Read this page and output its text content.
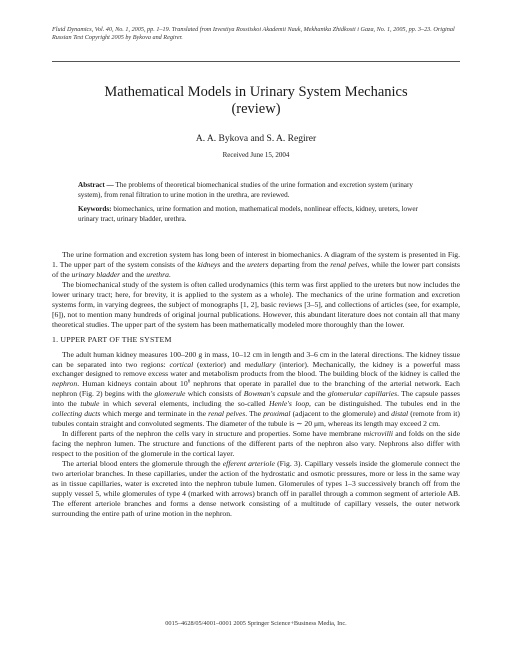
Fluid Dynamics, Vol. 40, No. 1, 2005, pp. 1–19. Translated from Izvestiya Rossiiskoi Akademii Nauk, Mekhanika Zhidkosti i Gaza, No. 1, 2005, pp. 3–23. Original Russian Text Copyright 2005 by Bykova and Regirer.
Mathematical Models in Urinary System Mechanics
(review)
A. A. Bykova and S. A. Regirer
Received June 15, 2004

Abstract — The problems of theoretical biomechanical studies of the urine formation and excretion system (urinary system), from renal filtration to urine motion in the urethra, are reviewed.

Keywords: biomechanics, urine formation and motion, mathematical models, nonlinear effects, kidney, ureters, lower urinary tract, urinary bladder, urethra.

The urine formation and excretion system has long been of interest in biomechanics. A diagram of the system is presented in Fig. 1. The upper part of the system consists of the kidneys and the ureters departing from the renal pelves, while the lower part consists of the urinary bladder and the urethra.

The biomechanical study of the system is often called urodynamics (this term was first applied to the ureters but now includes the lower urinary tract; here, for brevity, it is applied to the system as a whole). The mechanics of the urine formation and excretion systems form, in varying degrees, the subject of monographs [1, 2], basic reviews [3–5], and collections of articles (see, for example, [6]), not to mention many hundreds of original journal publications. However, this abundant literature does not contain all that many theoretical studies. The upper part of the system has been mathematically modeled more thoroughly than the lower.

1. UPPER PART OF THE SYSTEM

The adult human kidney measures 100–200 g in mass, 10–12 cm in length and 3–6 cm in the lateral directions. The kidney tissue can be separated into two regions: cortical (exterior) and medullary (interior). Mechanically, the kidney is a powerful mass exchanger designed to remove excess water and metabolism products from the blood. The building block of the kidney is called the nephron. Human kidneys contain about $10^6$ nephrons that operate in parallel due to the branching of the arterial network. Each nephron (Fig. 2) begins with the glomerule which consists of Bowman's capsule and the glomerular capillaries. The capsule passes into the tubule in which several elements, including the so-called Henle's loop, can be distinguished. The tubules end in the collecting ducts which merge and terminate in the renal pelves. The proximal (adjacent to the glomerule) and distal (remote from it) tubules contain straight and convoluted segments. The diameter of the tubule is ∼ 20 μm, whereas its length may exceed 2 cm.

In different parts of the nephron the cells vary in structure and properties. Some have membrane microvilli and folds on the side facing the nephron lumen. The structure and functions of the different parts of the nephron also vary. Nephrons also differ with respect to the position of the glomerule in the cortical layer.

The arterial blood enters the glomerule through the efferent arteriole (Fig. 3). Capillary vessels inside the glomerule connect the two arteriolar branches. In these capillaries, under the action of the hydrostatic and osmotic pressures, more or less in the same way as in tissue capillaries, water is excreted into the nephron tubule lumen. Glomerules of types 1–3 successively branch off from the supply vessel 5, while glomerules of type 4 (marked with arrows) branch off in parallel through a common segment of arteriole AB. The efferent arteriole branches and forms a dense network consisting of a multitude of capillary vessels, the outer network surrounding the entire path of urine motion in the nephron.

0015–4628/05/4001–0001 2005 Springer Science+Business Media, Inc.
